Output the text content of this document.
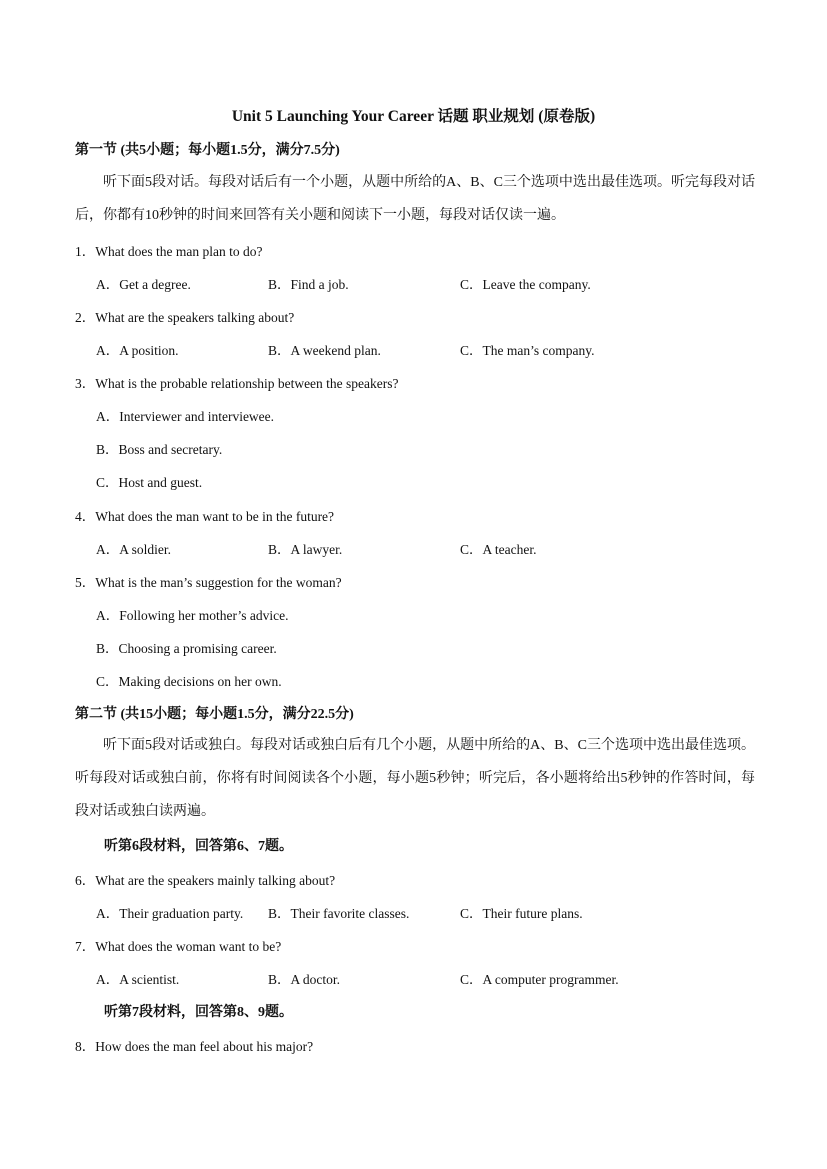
Unit 5 Launching Your Career 话题 职业规划 (原卷版)
第一节 (共5小题；每小题1.5分，满分7.5分)
听下面5段对话。每段对话后有一个小题，从题中所给的A、B、C三个选项中选出最佳选项。听完每段对话后，你都有10秒钟的时间来回答有关小题和阅读下一小题，每段对话仅读一遍。
1．What does the man plan to do?
A．Get a degree.	B．Find a job.	C．Leave the company.
2．What are the speakers talking about?
A．A position.	B．A weekend plan.	C．The man’s company.
3．What is the probable relationship between the speakers?
A．Interviewer and interviewee.
B．Boss and secretary.
C．Host and guest.
4．What does the man want to be in the future?
A．A soldier.	B．A lawyer.	C．A teacher.
5．What is the man’s suggestion for the woman?
A．Following her mother’s advice.
B．Choosing a promising career.
C．Making decisions on her own.
第二节 (共15小题；每小题1.5分，满分22.5分)
听下面5段对话或独白。每段对话或独白后有几个小题，从题中所给的A、B、C三个选项中选出最佳选项。听每段对话或独白前，你将有时间阅读各个小题，每小题5秒钟；听完后，各小题将给出5秒钟的作答时间，每段对话或独白读两遍。
听第6段材料，回答第6、7题。
6．What are the speakers mainly talking about?
A．Their graduation party. B．Their favorite classes.	C．Their future plans.
7．What does the woman want to be?
A．A scientist.	B．A doctor.	C．A computer programmer.
听第7段材料，回答第8、9题。
8．How does the man feel about his major?
